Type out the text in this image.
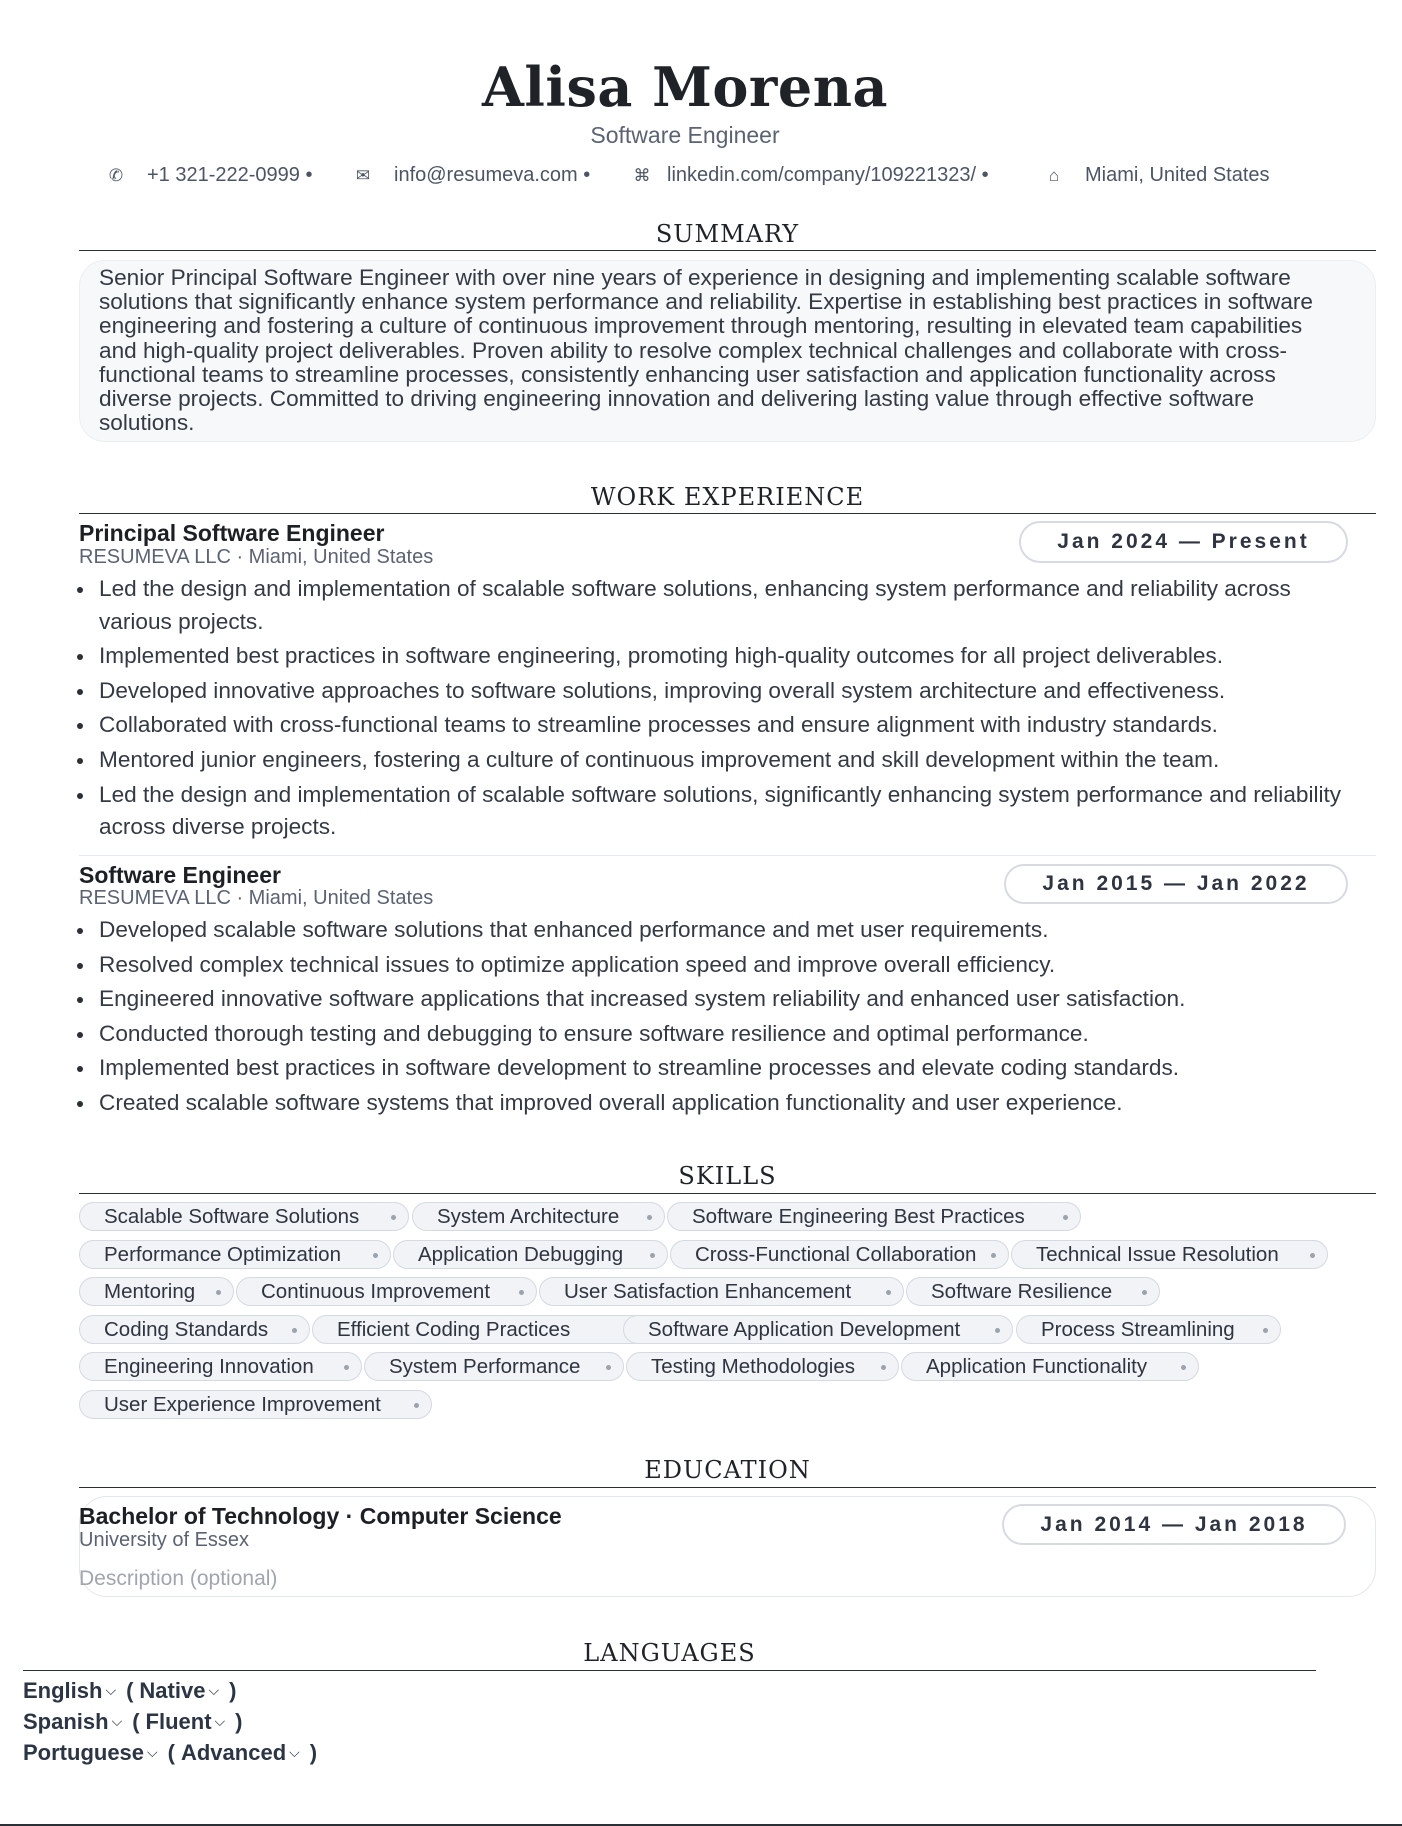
Alisa Morena
Software Engineer
✆ +1 321-222-0999 •	✉ info@resumeva.com •	⌘ linkedin.com/company/109221323/ •	⌂ Miami, United States
SUMMARY
Senior Principal Software Engineer with over nine years of experience in designing and implementing scalable software solutions that significantly enhance system performance and reliability. Expertise in establishing best practices in software engineering and fostering a culture of continuous improvement through mentoring, resulting in elevated team capabilities and high-quality project deliverables. Proven ability to resolve complex technical challenges and collaborate with cross-functional teams to streamline processes, consistently enhancing user satisfaction and application functionality across diverse projects. Committed to driving engineering innovation and delivering lasting value through effective software solutions.
WORK EXPERIENCE
Principal Software Engineer
RESUMEVA LLC · Miami, United States
Jan 2024 — Present
Led the design and implementation of scalable software solutions, enhancing system performance and reliability across various projects.
Implemented best practices in software engineering, promoting high-quality outcomes for all project deliverables.
Developed innovative approaches to software solutions, improving overall system architecture and effectiveness.
Collaborated with cross-functional teams to streamline processes and ensure alignment with industry standards.
Mentored junior engineers, fostering a culture of continuous improvement and skill development within the team.
Led the design and implementation of scalable software solutions, significantly enhancing system performance and reliability across diverse projects.
Software Engineer
RESUMEVA LLC · Miami, United States
Jan 2015 — Jan 2022
Developed scalable software solutions that enhanced performance and met user requirements.
Resolved complex technical issues to optimize application speed and improve overall efficiency.
Engineered innovative software applications that increased system reliability and enhanced user satisfaction.
Conducted thorough testing and debugging to ensure software resilience and optimal performance.
Implemented best practices in software development to streamline processes and elevate coding standards.
Created scalable software systems that improved overall application functionality and user experience.
SKILLS
Scalable Software Solutions	System Architecture	Software Engineering Best Practices
Performance Optimization	Application Debugging	Cross-Functional Collaboration	Technical Issue Resolution
Mentoring	Continuous Improvement	User Satisfaction Enhancement	Software Resilience
Coding Standards	Efficient Coding Practices	Software Application Development	Process Streamlining
Engineering Innovation	System Performance	Testing Methodologies	Application Functionality
User Experience Improvement
EDUCATION
Bachelor of Technology · Computer Science
University of Essex
Jan 2014 — Jan 2018
Description (optional)
LANGUAGES
English ⌵ ( Native ⌵ )
Spanish ⌵ ( Fluent ⌵ )
Portuguese ⌵ ( Advanced ⌵ )
